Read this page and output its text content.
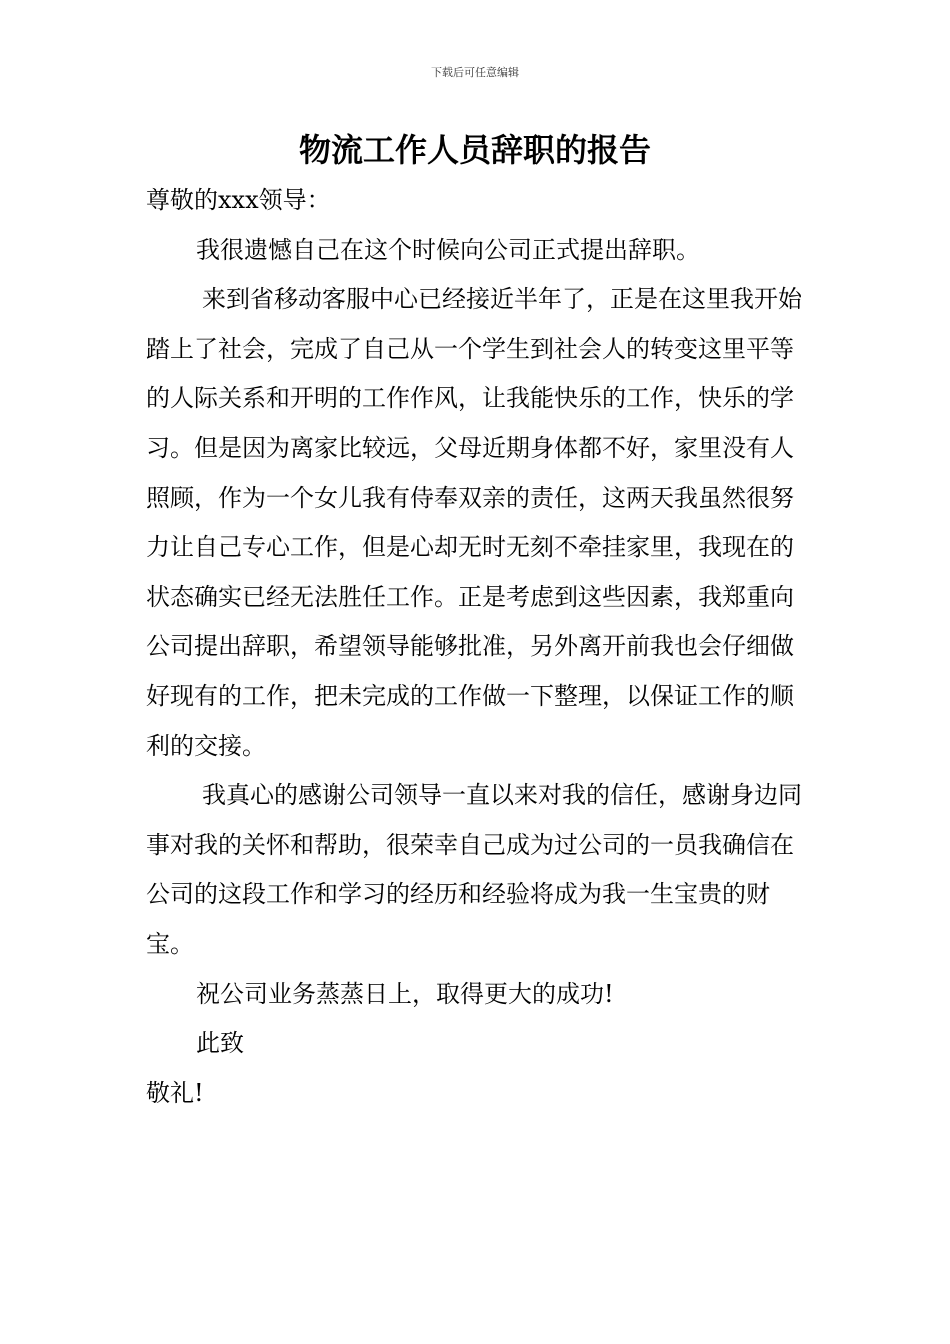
下载后可任意编辑
物流工作人员辞职的报告

尊敬的xxx领导：

我很遗憾自己在这个时候向公司正式提出辞职。

来到省移动客服中心已经接近半年了，正是在这里我开始踏上了社会，完成了自己从一个学生到社会人的转变这里平等的人际关系和开明的工作作风，让我能快乐的工作，快乐的学习。但是因为离家比较远，父母近期身体都不好，家里没有人照顾，作为一个女儿我有侍奉双亲的责任，这两天我虽然很努力让自己专心工作，但是心却无时无刻不牵挂家里，我现在的状态确实已经无法胜任工作。正是考虑到这些因素，我郑重向公司提出辞职，希望领导能够批准，另外离开前我也会仔细做好现有的工作，把未完成的工作做一下整理，以保证工作的顺利的交接。

我真心的感谢公司领导一直以来对我的信任，感谢身边同事对我的关怀和帮助，很荣幸自己成为过公司的一员我确信在公司的这段工作和学习的经历和经验将成为我一生宝贵的财宝。

祝公司业务蒸蒸日上，取得更大的成功!

此致

敬礼!
